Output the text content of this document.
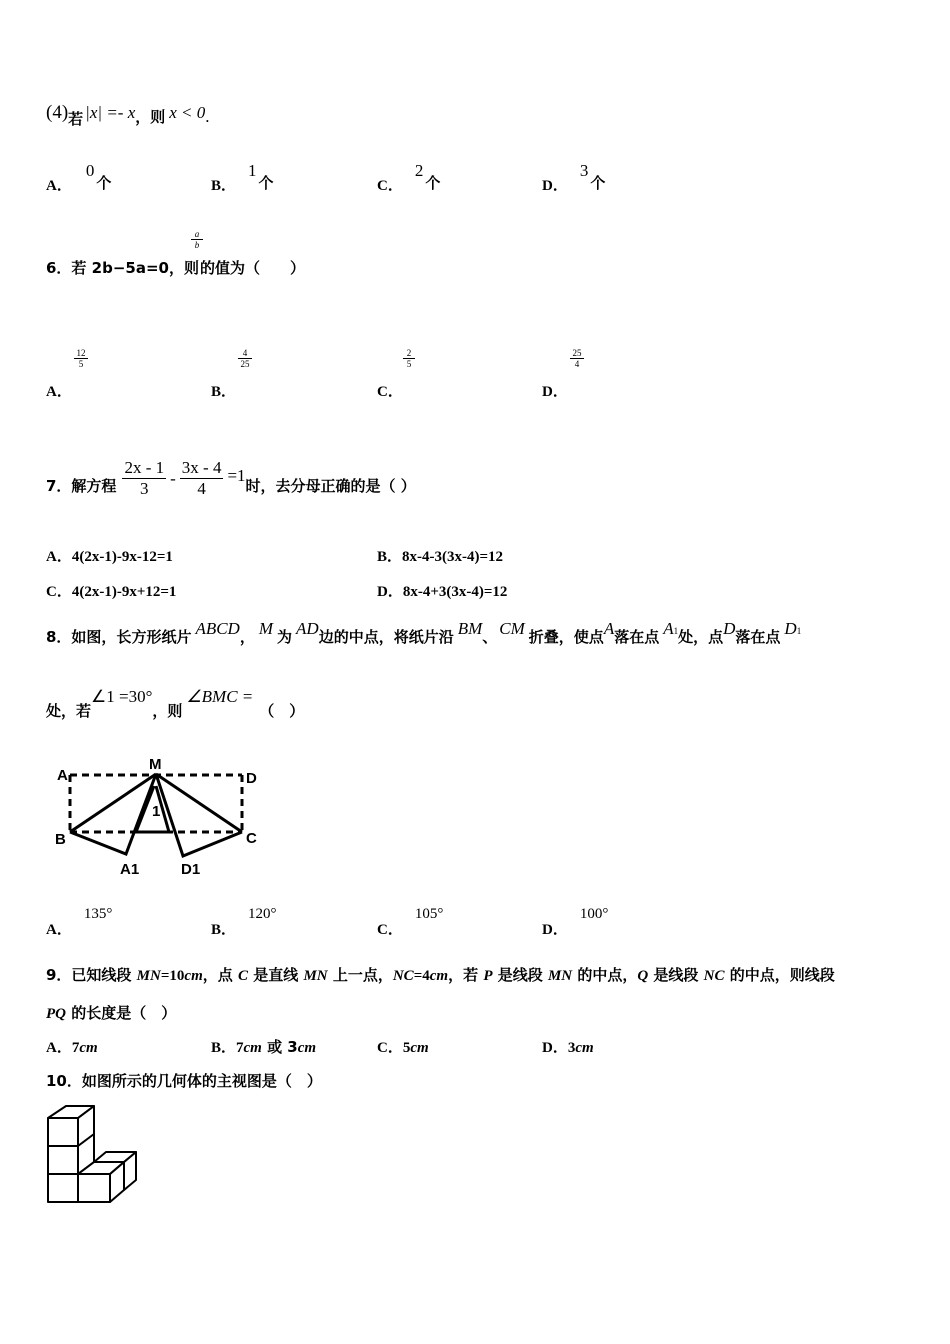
(4)若 |x| =- x，则 x < 0.
A．0个	B．1个	C．2个	D．3个
6．若 2b−5a=0，则
$\frac{a}{b}$
的值为（　　）
A．
$\frac{12}{5}$
B．
$\frac{4}{25}$
C．
$\frac{2}{5}$
D．
$\frac{25}{4}$
7．解方程 $\frac{2x - 1}{3} - \frac{3x - 4}{4} =1$
时，去分母正确的是（ ）
A．4(2x-1)-9x-12=1	B．8x-4-3(3x-4)=12
C．4(2x-1)-9x+12=1	D．8x-4+3(3x-4)=12
8．如图，长方形纸片 ABCD， M 为 AD边的中点，将纸片沿 BM、 CM 折叠，使点A落在点 A1处，点D落在点 D1
处，若∠1 =30°，则∠BMC =（　）
A
M
D
B	C
A1	D1
1
A．135°
B．120°
C．105°
D．100°
9．已知线段 MN=10cm，点 C 是直线 MN 上一点，NC=4cm，若 P 是线段 MN 的中点，Q 是线段 NC 的中点，则线段
PQ 的长度是（　）
A．7cm	B．7cm 或 3cm	C．5cm	D．3cm
10．如图所示的几何体的主视图是（　）
